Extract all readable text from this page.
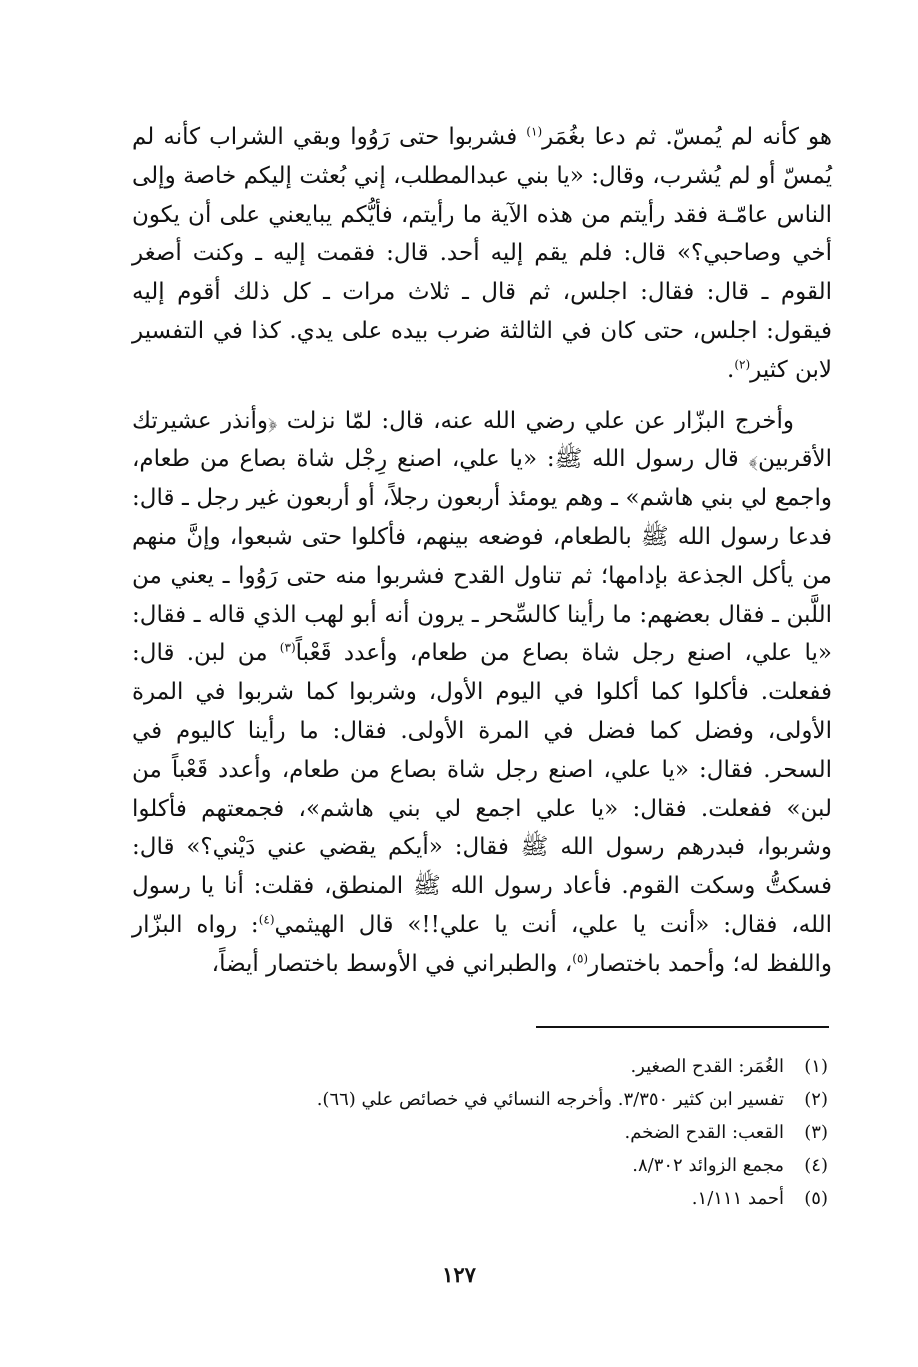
هو كأنه لم يُمسّ. ثم دعا بغُمَر$^{(١)}$ فشربوا حتى رَوُوا وبقي الشراب كأنه لم يُمسّ أو لم يُشرب، وقال: «يا بني عبدالمطلب، إني بُعثت إليكم خاصة وإلى الناس عامّـة فقد رأيتم من هذه الآية ما رأيتم، فأيُّكم يبايعني على أن يكون أخي وصاحبي؟» قال: فلم يقم إليه أحد. قال: فقمت إليه ـ وكنت أصغر القوم ـ قال: فقال: اجلس، ثم قال ـ ثلاث مرات ـ كل ذلك أقوم إليه فيقول: اجلس، حتى كان في الثالثة ضرب بيده على يدي. كذا في التفسير لابن كثير$^{(٢)}$.

وأخرج البزّار عن علي رضي الله عنه، قال: لمّا نزلت ﴿وأنذر عشيرتك الأقربين﴾ قال رسول الله ﷺ: «يا علي، اصنع رِجْل شاة بصاع من طعام، واجمع لي بني هاشم» ـ وهم يومئذ أربعون رجلاً، أو أربعون غير رجل ـ قال: فدعا رسول الله ﷺ بالطعام، فوضعه بينهم، فأكلوا حتى شبعوا، وإنَّ منهم من يأكل الجذعة بإدامها؛ ثم تناول القدح فشربوا منه حتى رَوُوا ـ يعني من اللَّبن ـ فقال بعضهم: ما رأينا كالسِّحر ـ يرون أنه أبو لهب الذي قاله ـ فقال: «يا علي، اصنع رجل شاة بصاع من طعام، وأعدد قَعْباً$^{(٣)}$ من لبن. قال: ففعلت. فأكلوا كما أكلوا في اليوم الأول، وشربوا كما شربوا في المرة الأولى، وفضل كما فضل في المرة الأولى. فقال: ما رأينا كاليوم في السحر. فقال: «يا علي، اصنع رجل شاة بصاع من طعام، وأعدد قَعْباً من لبن» ففعلت. فقال: «يا علي اجمع لي بني هاشم»، فجمعتهم فأكلوا وشربوا، فبدرهم رسول الله ﷺ فقال: «أيكم يقضي عني دَيْني؟» قال: فسكتُّ وسكت القوم. فأعاد رسول الله ﷺ المنطق، فقلت: أنا يا رسول الله، فقال: «أنت يا علي، أنت يا علي!!» قال الهيثمي$^{(٤)}$: رواه البزّار واللفظ له؛ وأحمد باختصار$^{(٥)}$، والطبراني في الأوسط باختصار أيضاً،

(١)الغُمَر: القدح الصغير.
(٢)تفسير ابن كثير ٣/٣٥٠. وأخرجه النسائي في خصائص علي (٦٦).
(٣)القعب: القدح الضخم.
(٤)مجمع الزوائد ٨/٣٠٢.
(٥)أحمد ١/١١١.
١٢٧
